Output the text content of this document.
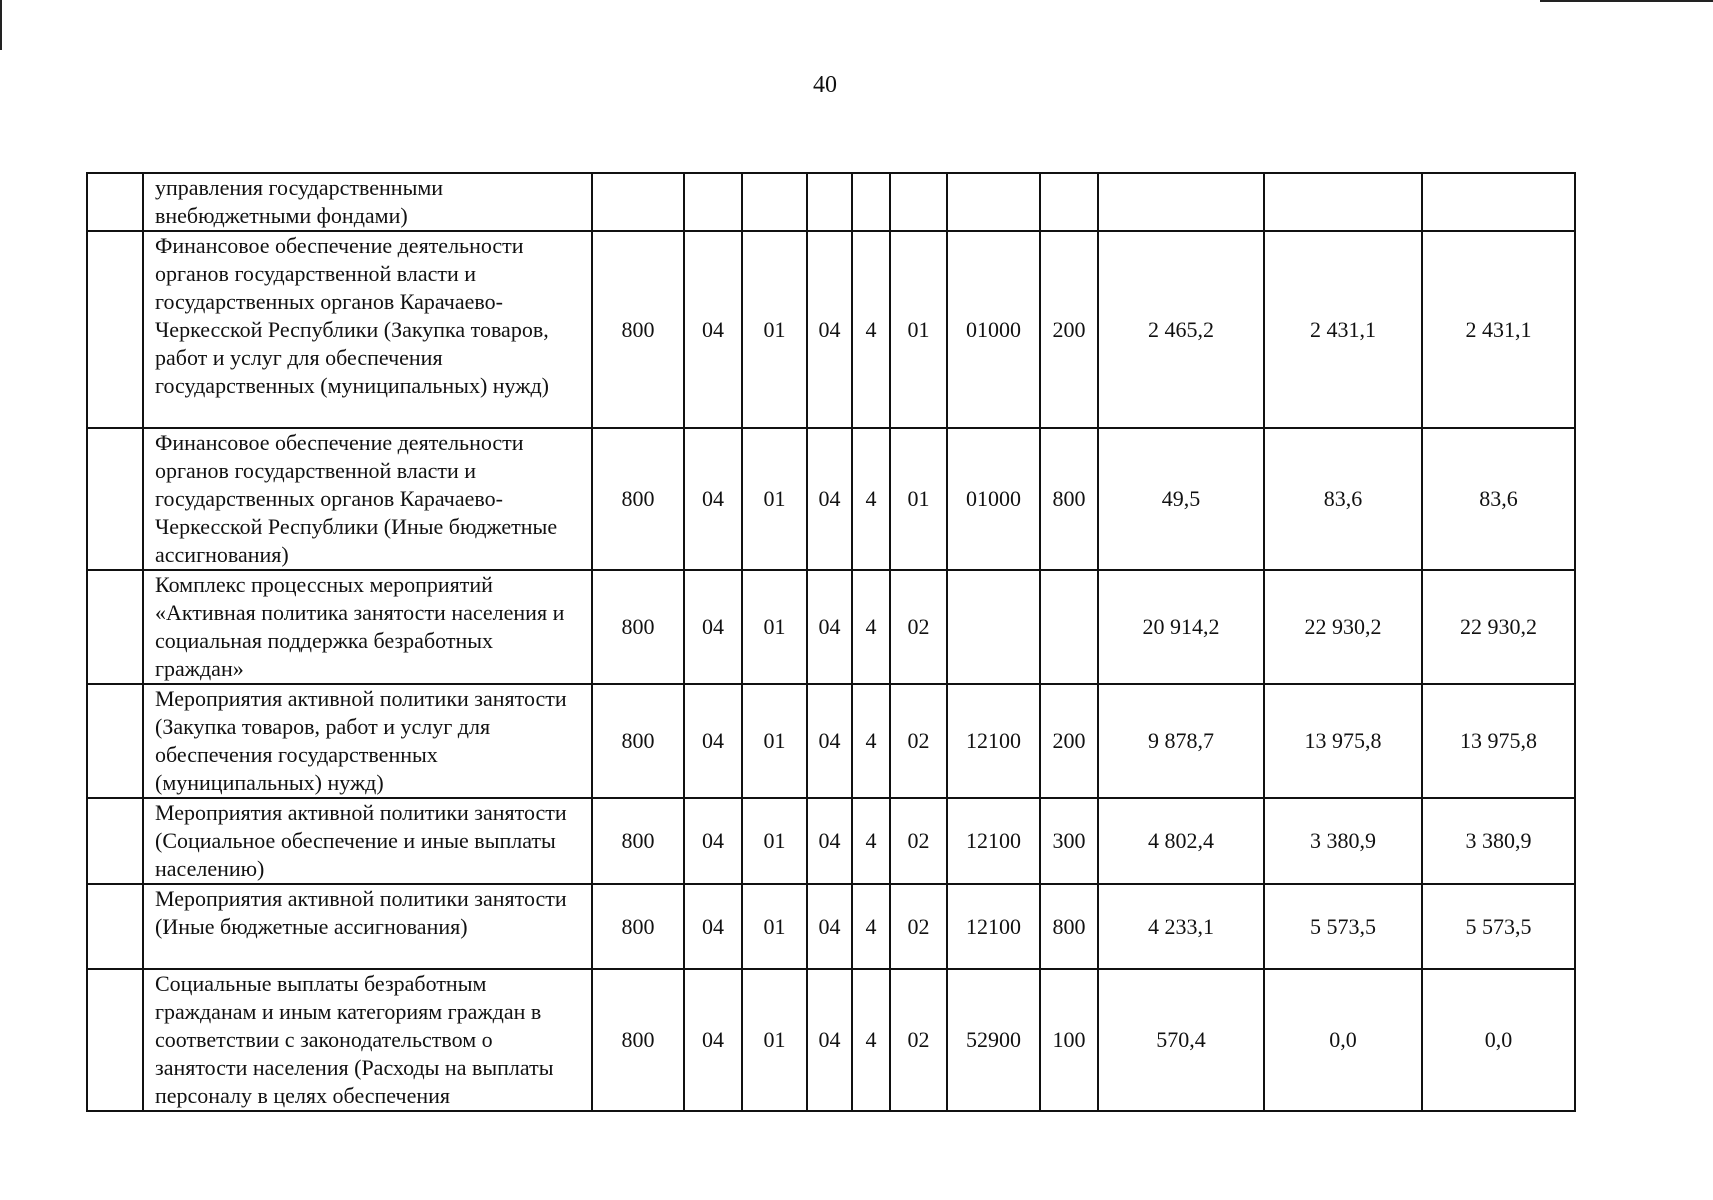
40
	управления государственными внебюджетными фондами)											
	Финансовое обеспечение деятельности органов государственной власти и государственных органов Карачаево-Черкесской Республики (Закупка товаров, работ и услуг для обеспечения государственных (муниципальных) нужд)	800	04	01	04	4	01	01000	200	2 465,2	2 431,1	2 431,1
	Финансовое обеспечение деятельности органов государственной власти и государственных органов Карачаево-Черкесской Республики (Иные бюджетные ассигнования)	800	04	01	04	4	01	01000	800	49,5	83,6	83,6
	Комплекс процессных мероприятий «Активная политика занятости населения и социальная поддержка безработных граждан»	800	04	01	04	4	02			20 914,2	22 930,2	22 930,2
	Мероприятия активной политики занятости (Закупка товаров, работ и услуг для обеспечения государственных (муниципальных) нужд)	800	04	01	04	4	02	12100	200	9 878,7	13 975,8	13 975,8
	Мероприятия активной политики занятости (Социальное обеспечение и иные выплаты населению)	800	04	01	04	4	02	12100	300	4 802,4	3 380,9	3 380,9
	Мероприятия активной политики занятости (Иные бюджетные ассигнования)	800	04	01	04	4	02	12100	800	4 233,1	5 573,5	5 573,5
	Социальные выплаты безработным гражданам и иным категориям граждан в соответствии с законодательством о занятости населения (Расходы на выплаты персоналу в целях обеспечения	800	04	01	04	4	02	52900	100	570,4	0,0	0,0
